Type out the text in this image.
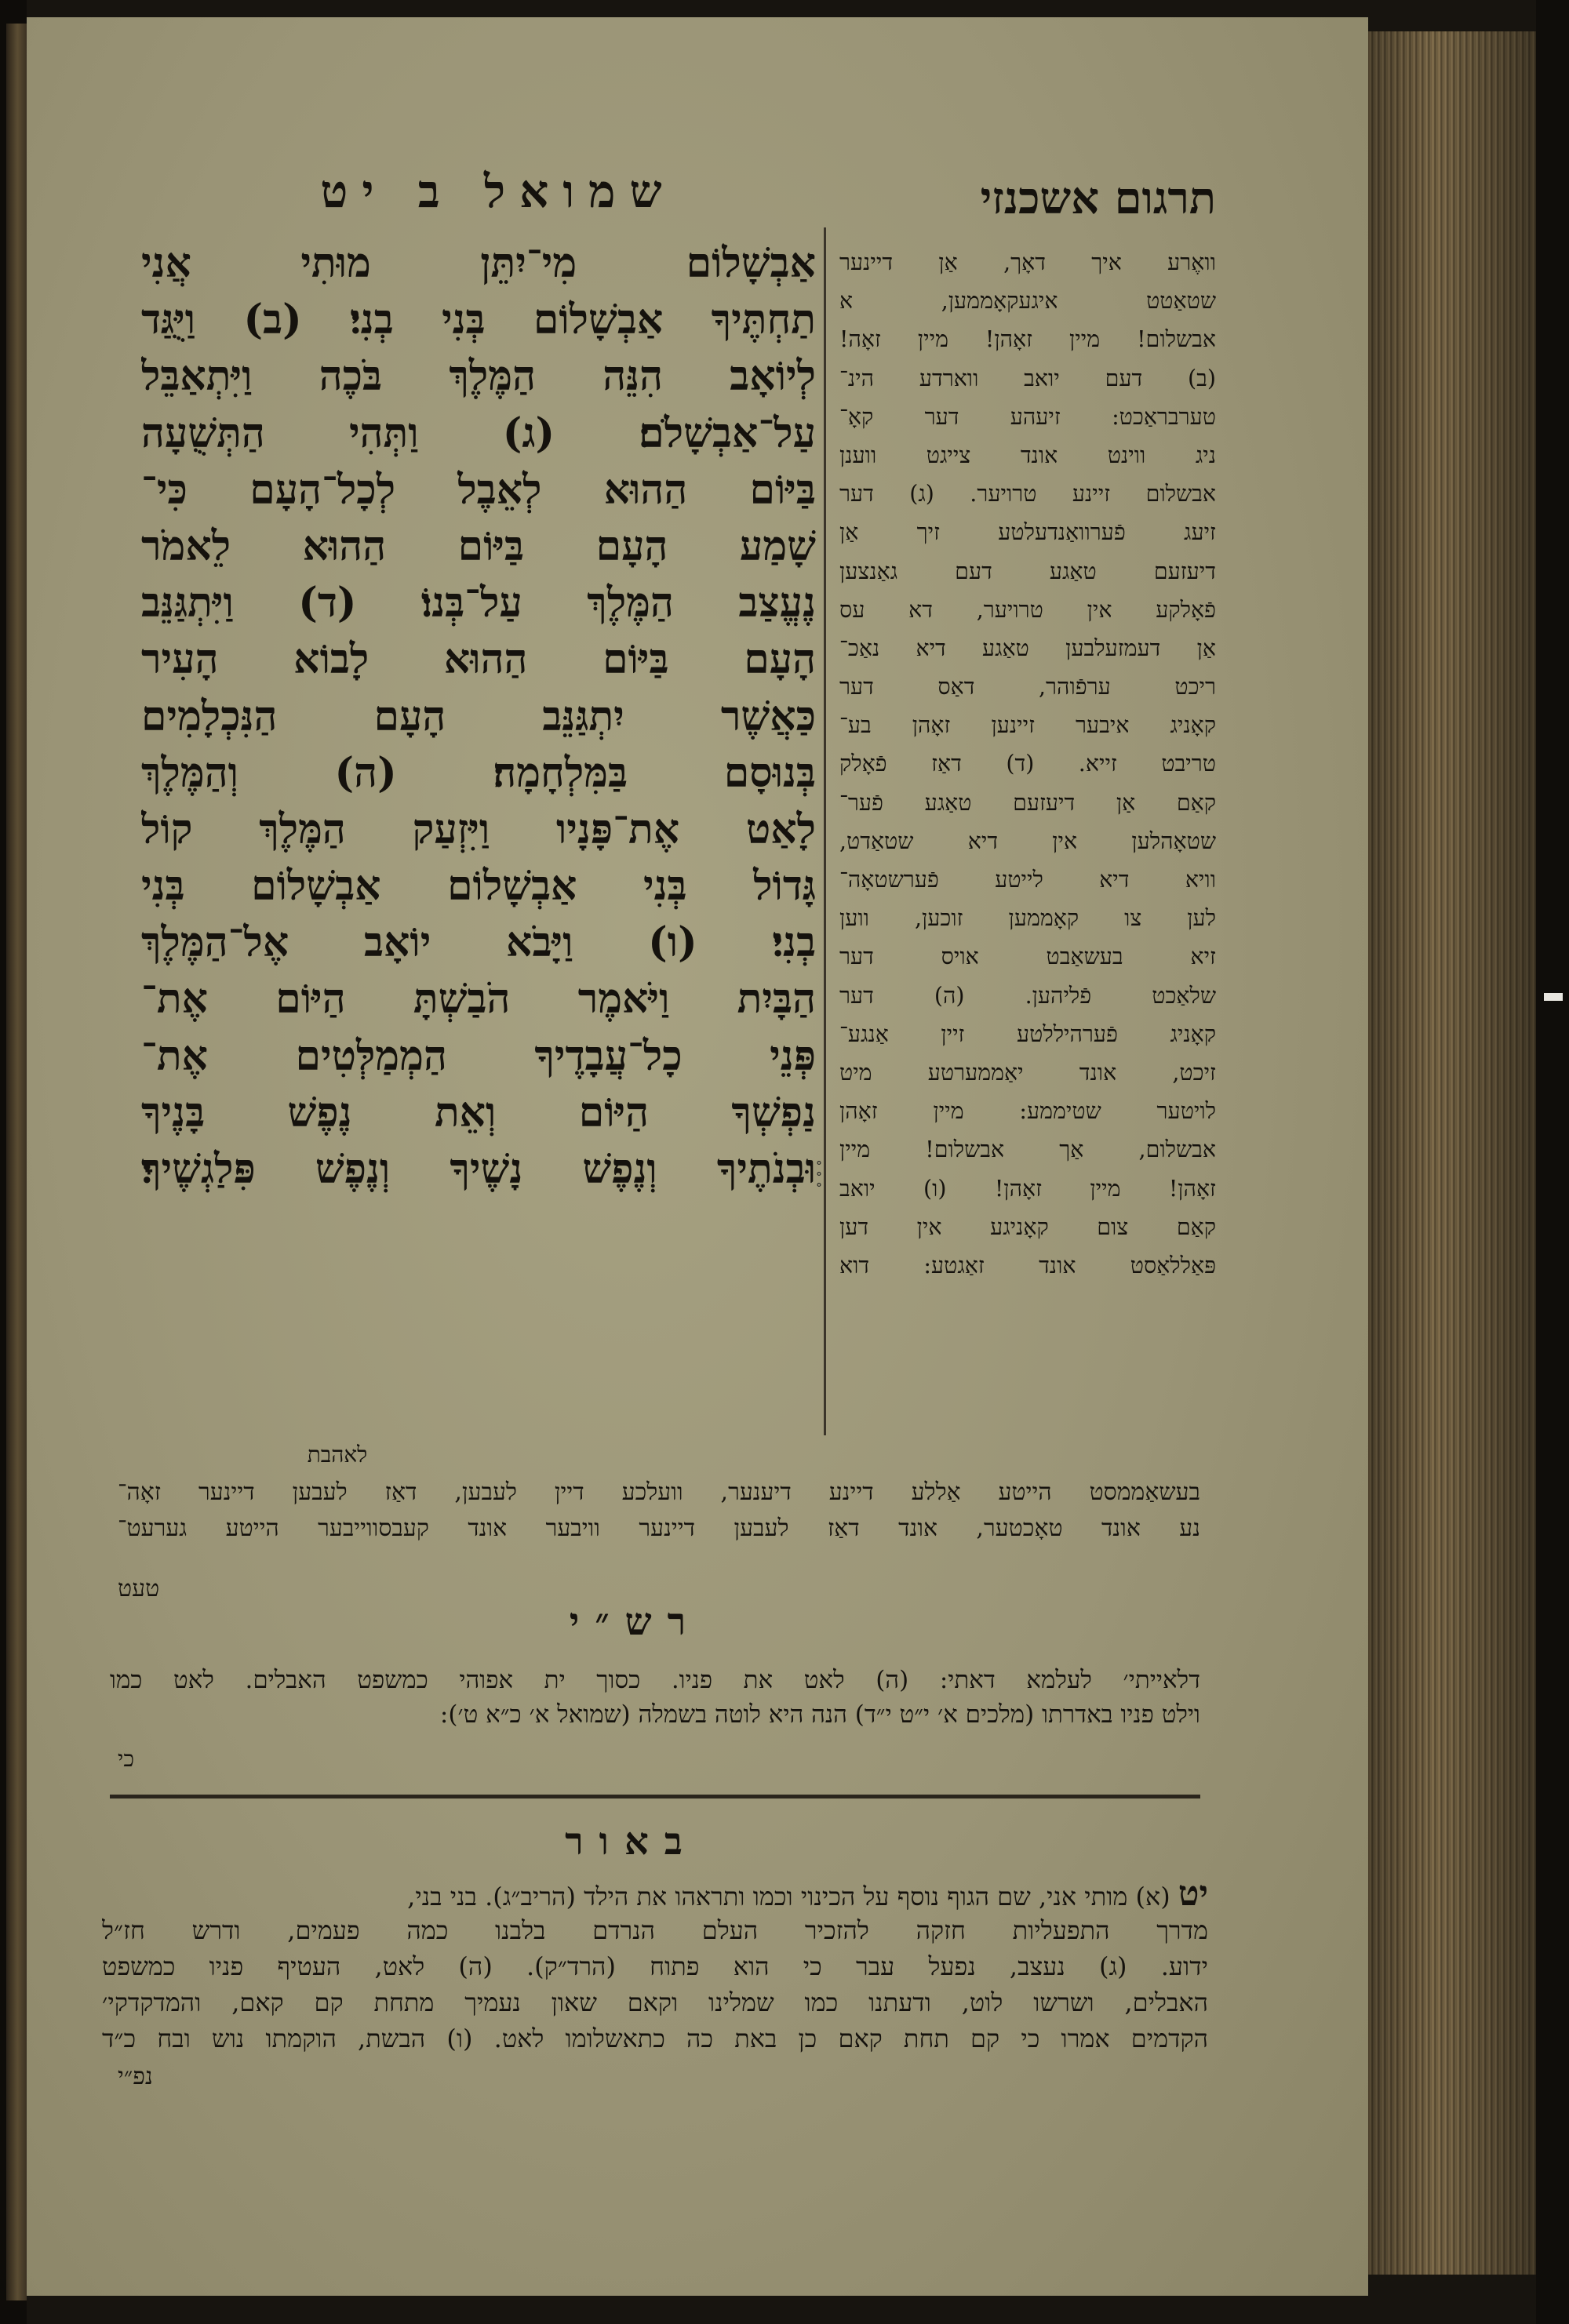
תרגום אשכנזי
שמואל ב יט
אַבְשָׁלוֹם מִי־יִתֵּן מוּתִי אֲנִי
תַחְתֶּיךָ אַבְשָׁלוֹם בְּנִי בְנִי׃ (ב) וַיֻּגַּד
לְיוֹאָב הִנֵּה הַמֶּלֶךְ בֹּכֶה וַיִּתְאַבֵּל
עַל־אַבְשָׁלֹם׃ (ג) וַתְּהִי הַתְּשֻׁעָה
בַּיּוֹם הַהוּא לְאֵבֶל לְכָל־הָעָם כִּי־
שָׁמַע הָעָם בַּיּוֹם הַהוּא לֵאמֹר
נֶעֱצַב הַמֶּלֶךְ עַל־בְּנוֹ׃ (ד) וַיִּתְגַּנֵּב
הָעָם בַּיּוֹם הַהוּא לָבוֹא הָעִיר
כַּאֲשֶׁר יִתְגַּנֵּב הָעָם הַנִּכְלָמִים
בְּנוּסָם בַּמִּלְחָמָה׃ (ה) וְהַמֶּלֶךְ
לָאַט אֶת־פָּנָיו וַיִּזְעַק הַמֶּלֶךְ קוֹל
גָּדוֹל בְּנִי אַבְשָׁלוֹם אַבְשָׁלוֹם בְּנִי
בְנִי׃ (ו) וַיָּבֹא יוֹאָב אֶל־הַמֶּלֶךְ
הַבָּיִת וַיֹּאמֶר הֹבַשְׁתָּ הַיּוֹם אֶת־
פְּנֵי כָל־עֲבָדֶיךָ הַמְמַלְּטִים אֶת־
נַפְשְׁךָ הַיּוֹם וְאֵת נֶפֶשׁ בָּנֶיךָ
וּבְנֹתֶיךָ וְנֶפֶשׁ נָשֶׁיךָ וְנֶפֶשׁ פִּלַגְשֶׁיךָ׃
וואֶרע איך דאָך, אַן דיינער
שטאַטט איגעקאָממען, א
אבשלום! מיין זאָהן! מיין זאָה!
(ב) דעם יואב ווארדע הינ־
טערבראַכט: זיעהע דער קאָ־
ניג ווינט אונד צייגט ווענן
אבשלום זיינע טרויער. (ג) דער
זיעג פֿערוואַנדעלטע זיך אַן
דיעזעם טאַגע דעם גאַנצען
פֿאָלקע אין טרויער, דא עס
אַן דעמזעלבען טאַגע דיא נאַכ־
ריכט ערפֿוהר, דאַס דער
קאָניג איבער זיינען זאָהן בע־
טריבט זייא. (ד) דאַז פֿאָלק
קאַם אַן דיעזעם טאַגע פֿער־
שטאָהלען אין דיא שטאַדט,
וויא דיא לייטע פֿערשטאָה־
לען צו קאָממען זוכען, ווען
זיא בעשאַבט אויס דער
שלאַכט פֿליהען. (ה) דער
קאָניג פֿערהיללטע זיין אַנגע־
זיכט, אונד יאַממערטע מיט
לויטער שטיממע: מיין זאָהן
אבשלום, אַך אבשלום! מיין
זאָהן! מיין זאָהן! (ו) יואב
קאַם צום קאָניגע אין דען
פּאַללאַסט אונד זאַגטע: דוא
°
°
°
לאהבת
בעשאַממסט הייטע אַללע דיינע דיענער, וועלכע דיין לעבען, דאַז לעבען דיינער זאָה־
נע אונד טאָכטער, אונד דאַז לעבען דיינער וויבער אונד קעבסווייבער הייטע גערעט־
טעט
רש״י
דלאייתי׳ לעלמא דאתי: (ה) לאט את פניו. כסוך ית אפוהי כמשפט האבלים. לאט כמו
וילט פניו באדרתו (מלכים א׳ י״ט י״ד) הנה היא לוטה בשמלה (שמואל א׳ כ״א ט׳):
כי
באור
יט (א) מותי אני, שם הגוף נוסף על הכינוי וכמו ותראהו את הילד (הריב״ג). בני בני,
מדרך התפעליות חזקה להזכיר העלם הנרדם בלבנו כמה פעמים, ודרש חז״ל
ידוע. (ג) נעצב, נפעל עבר כי הוא פתוח (הרד״ק). (ה) לאט, העטיף פניו כמשפט
האבלים, ושרשו לוט, ודעתנו כמו שמלינו וקאם שאון נעמיך מתחת קם קאם, והמדקדקי׳
הקדמים אמרו כי קם תחת קאם כן באת כה כתאשלומו לאט. (ו) הבשת, הוקמתו נוש ובח כ״ד
נפ״י
